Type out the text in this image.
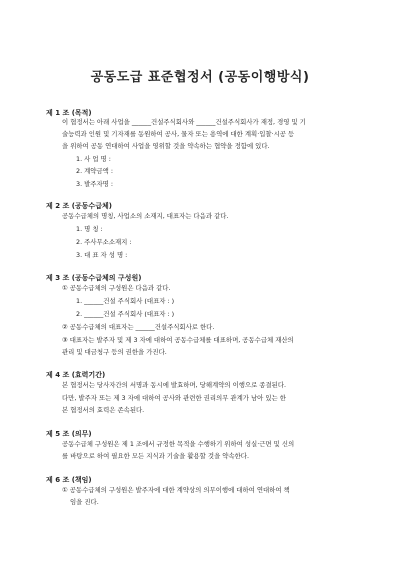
공동도급 표준협정서 (공동이행방식)
제 1 조 (목적)
이 협정서는 아래 사업을 ______건설주식회사와 ______건설주식회사가 재정, 경영 및 기
술능력과 인원 및 기자재를 동원하여 공사, 물자 또는 용역에 대한 계획·입찰·시공 등
을 위하여 공동 연대하여 사업을 영위할 것을 약속하는 협약을 정함에 있다.
1. 사 업 명 :
2. 계약금액 :
3. 발주자명 :
제 2 조 (공동수급체)
공동수급체의 명칭, 사업소의 소재지, 대표자는 다음과 같다.
1. 명 칭 :
2. 주사무소소재지 :
3. 대 표 자 성 명 :
제 3 조 (공동수급체의 구성원)
① 공동수급체의 구성원은 다음과 같다.
1. ______건설 주식회사 (대표자 : )
2. ______건설 주식회사 (대표자 : )
② 공동수급체의 대표자는 ______건설주식회사로 한다.
③ 대표자는 발주자 및 제 3 자에 대하여 공동수급체를 대표하며, 공동수급체 재산의
관리 및 대금청구 등의 권한을 가진다.
제 4 조 (효력기간)
본 협정서는 당사자간의 서명과 동시에 발효하며, 당해계약의 이행으로 종결된다.
다만, 발주자 또는 제 3 자에 대하여 공사와 관련한 권리의무 관계가 남아 있는 한
본 협정서의 효력은 존속된다.
제 5 조 (의무)
공동수급체 구성원은 제 1 조에서 규정한 목적을 수행하기 위하여 성실·근면 및 신의
를 바탕으로 하여 필요한 모든 지식과 기술을 활용할 것을 약속한다.
제 6 조 (책임)
① 공동수급체의 구성원은 발주자에 대한 계약상의 의무이행에 대하여 연대하여 책
임을 진다.
